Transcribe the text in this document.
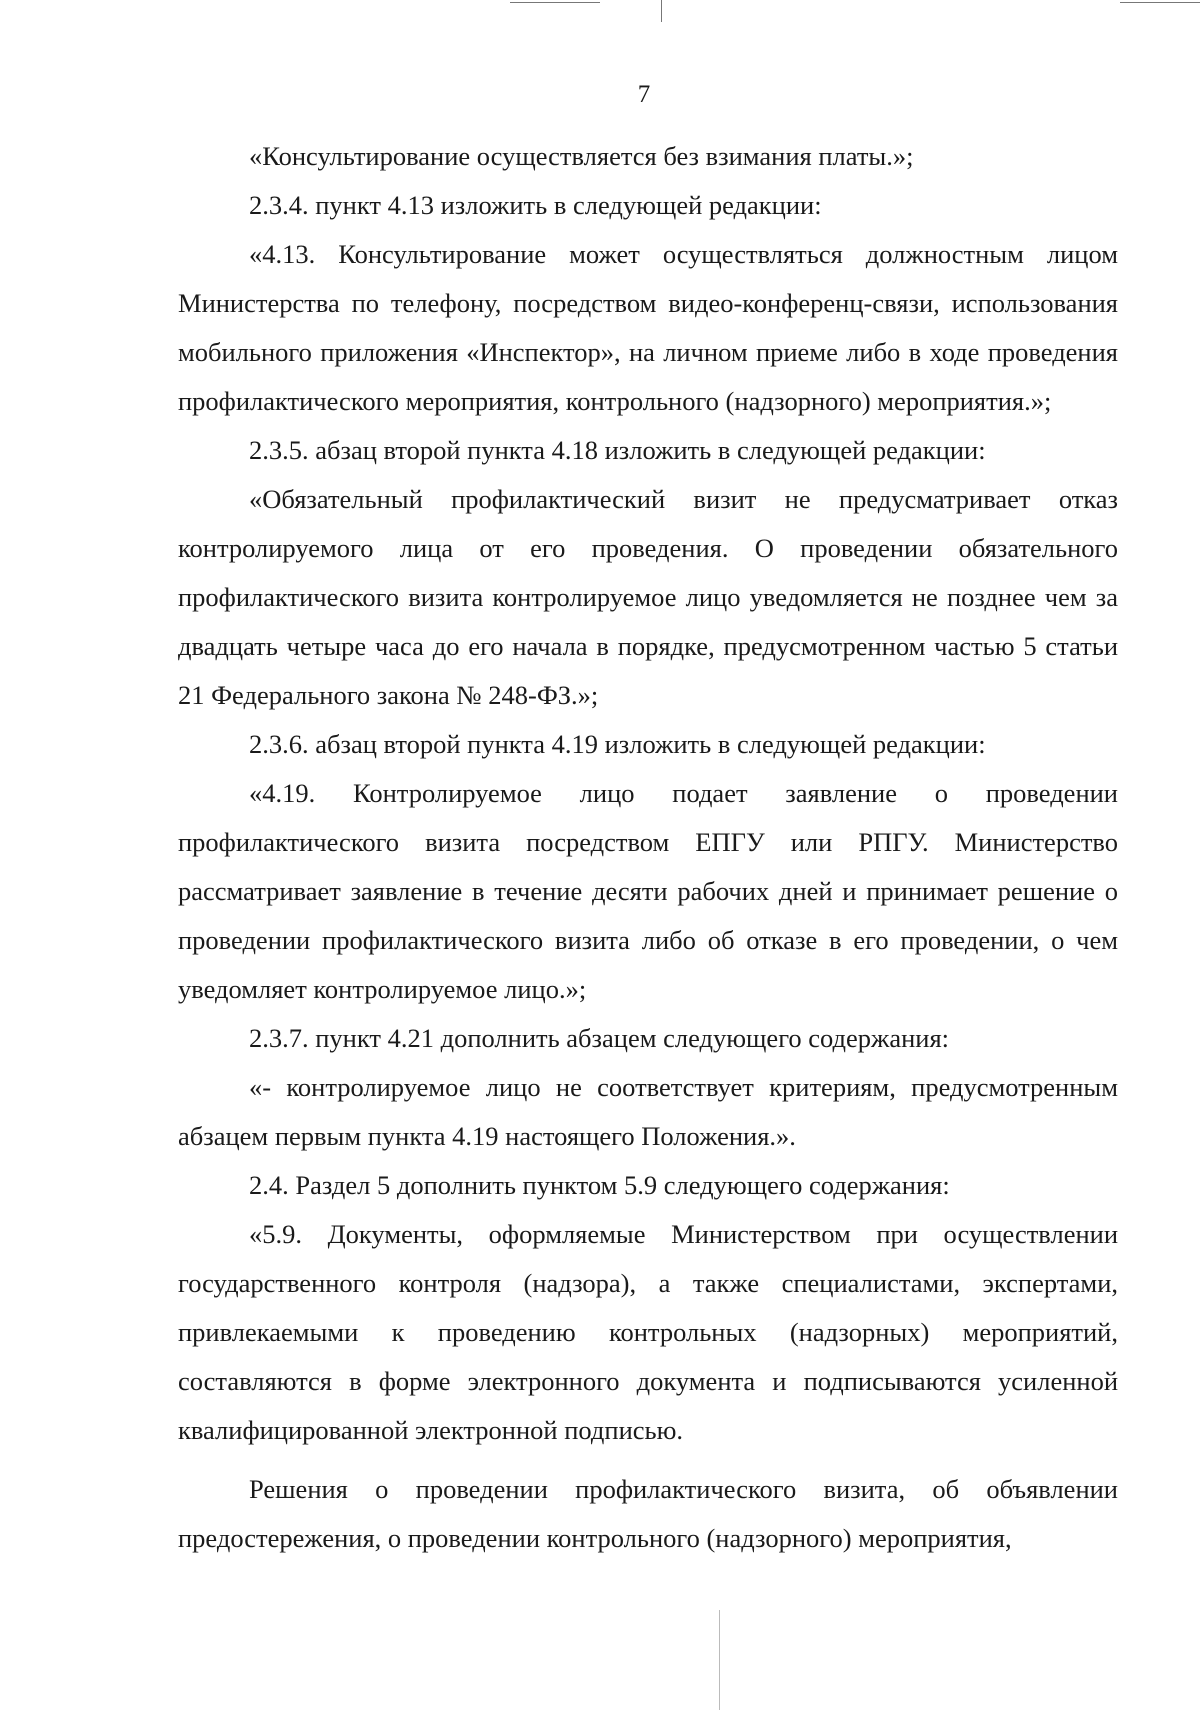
7

«Консультирование осуществляется без взимания платы.»;

2.3.4. пункт 4.13 изложить в следующей редакции:

«4.13. Консультирование может осуществляться должностным лицом Министерства по телефону, посредством видео-конференц-связи, использования мобильного приложения «Инспектор», на личном приеме либо в ходе проведения профилактического мероприятия, контрольного (надзорного) мероприятия.»;

2.3.5. абзац второй пункта 4.18 изложить в следующей редакции:

«Обязательный профилактический визит не предусматривает отказ контролируемого лица от его проведения. О проведении обязательного профилактического визита контролируемое лицо уведомляется не позднее чем за двадцать четыре часа до его начала в порядке, предусмотренном частью 5 статьи 21 Федерального закона № 248-ФЗ.»;

2.3.6. абзац второй пункта 4.19 изложить в следующей редакции:

«4.19. Контролируемое лицо подает заявление о проведении профилактического визита посредством ЕПГУ или РПГУ. Министерство рассматривает заявление в течение десяти рабочих дней и принимает решение о проведении профилактического визита либо об отказе в его проведении, о чем уведомляет контролируемое лицо.»;

2.3.7. пункт 4.21 дополнить абзацем следующего содержания:

«- контролируемое лицо не соответствует критериям, предусмотренным абзацем первым пункта 4.19 настоящего Положения.».

2.4. Раздел 5 дополнить пунктом 5.9 следующего содержания:

«5.9. Документы, оформляемые Министерством при осуществлении государственного контроля (надзора), а также специалистами, экспертами, привлекаемыми к проведению контрольных (надзорных) мероприятий, составляются в форме электронного документа и подписываются усиленной квалифицированной электронной подписью.

Решения о проведении профилактического визита, об объявлении предостережения, о проведении контрольного (надзорного) мероприятия,
